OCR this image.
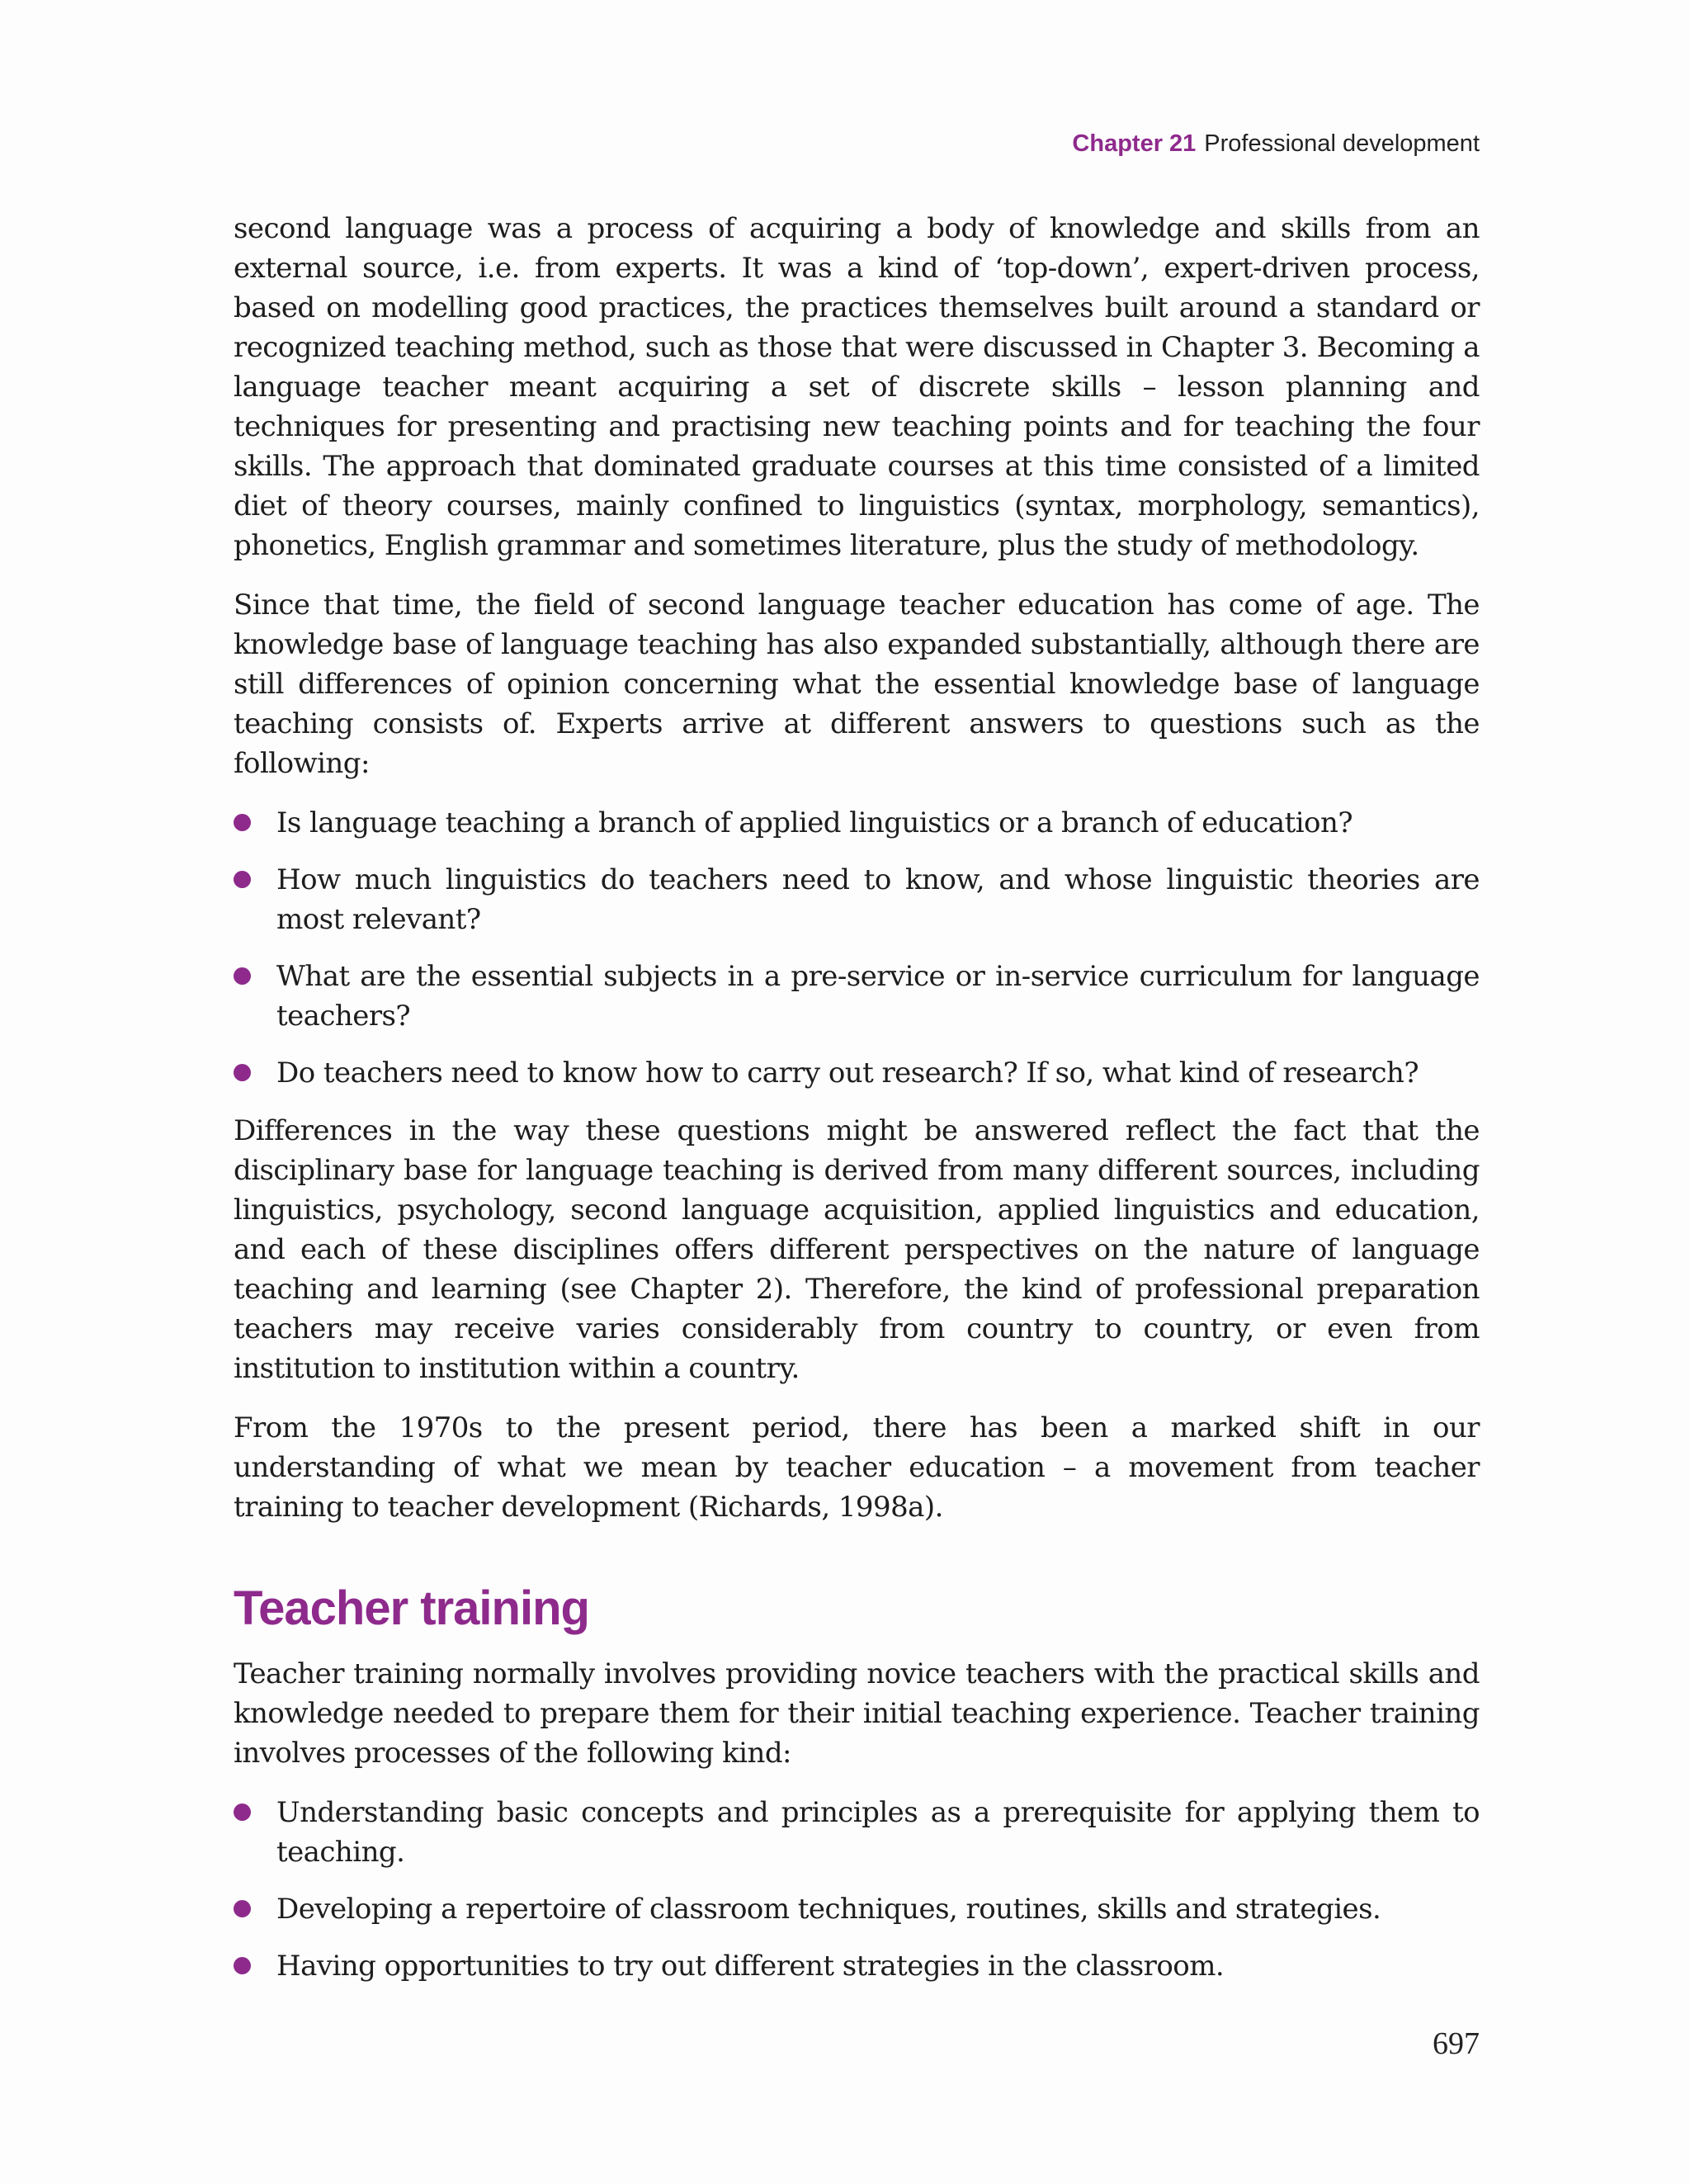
Chapter 21 Professional development

second language was a process of acquiring a body of knowledge and skills from an external source, i.e. from experts. It was a kind of ‘top-down’, expert-driven process, based on modelling good practices, the practices themselves built around a standard or recognized teaching method, such as those that were discussed in Chapter 3. Becoming a language teacher meant acquiring a set of discrete skills – lesson planning and techniques for presenting and practising new teaching points and for teaching the four skills. The approach that dominated graduate courses at this time consisted of a limited diet of theory courses, mainly confined to linguistics (syntax, morphology, semantics), phonetics, English grammar and sometimes literature, plus the study of methodology.

Since that time, the field of second language teacher education has come of age. The knowledge base of language teaching has also expanded substantially, although there are still differences of opinion concerning what the essential knowledge base of language teaching consists of. Experts arrive at different answers to questions such as the following:

Is language teaching a branch of applied linguistics or a branch of education?
How much linguistics do teachers need to know, and whose linguistic theories are most relevant?
What are the essential subjects in a pre-service or in-service curriculum for language teachers?
Do teachers need to know how to carry out research? If so, what kind of research?

Differences in the way these questions might be answered reflect the fact that the disciplinary base for language teaching is derived from many different sources, including linguistics, psychology, second language acquisition, applied linguistics and education, and each of these disciplines offers different perspectives on the nature of language teaching and learning (see Chapter 2). Therefore, the kind of professional preparation teachers may receive varies considerably from country to country, or even from institution to institution within a country.

From the 1970s to the present period, there has been a marked shift in our understanding of what we mean by teacher education – a movement from teacher training to teacher development (Richards, 1998a).

Teacher training

Teacher training normally involves providing novice teachers with the practical skills and knowledge needed to prepare them for their initial teaching experience. Teacher training involves processes of the following kind:

Understanding basic concepts and principles as a prerequisite for applying them to teaching.
Developing a repertoire of classroom techniques, routines, skills and strategies.
Having opportunities to try out different strategies in the classroom.
697
